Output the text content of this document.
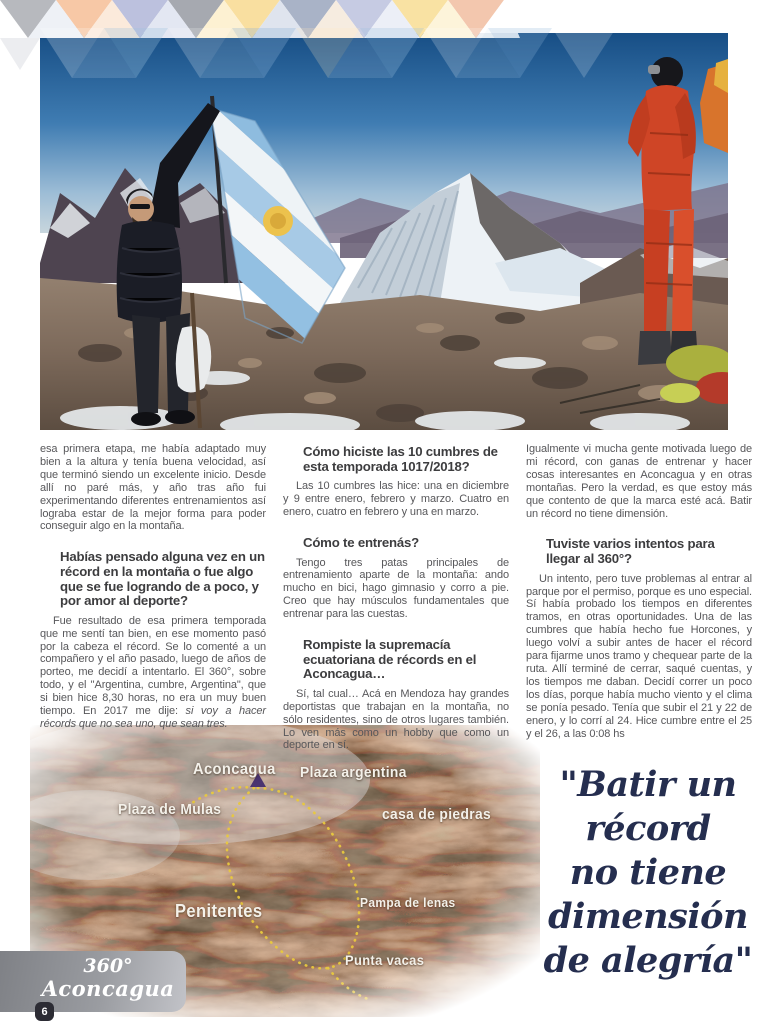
esa primera etapa, me había adaptado muy bien a la altura y tenía buena velocidad, así que terminó siendo un excelente inicio. Desde allí no paré más, y año tras año fui experimentando diferentes entrenamientos así lograba estar de la mejor forma para poder conseguir algo en la montaña.

Habías pensado alguna vez en un récord en la montaña o fue algo que se fue logrando de a poco, y por amor al deporte?

Fue resultado de esa primera temporada que me sentí tan bien, en ese momento pasó por la cabeza el récord. Se lo comenté a un compañero y el año pasado, luego de años de porteo, me decidí a intentarlo. El 360°, sobre todo, y el "Argentina, cumbre, Argentina", que si bien hice 8,30 horas, no era un muy buen tiempo. En 2017 me dije: si voy a hacer récords que no sea uno, que sean tres.

Cómo hiciste las 10 cumbres de esta temporada 1017/2018?

Las 10 cumbres las hice: una en diciembre y 9 entre enero, febrero y marzo. Cuatro en enero, cuatro en febrero y una en marzo.

Cómo te entrenás?

Tengo tres patas principales de entrenamiento aparte de la montaña: ando mucho en bici, hago gimnasio y corro a pie. Creo que hay músculos fundamentales que entrenar para las cuestas.

Rompiste la supremacía ecuatoriana de récords en el Aconcagua…

Sí, tal cual… Acá en Mendoza hay grandes deportistas que trabajan en la montaña, no sólo residentes, sino de otros lugares también. Lo ven más como un hobby que como un deporte en sí.

Igualmente vi mucha gente motivada luego de mi récord, con ganas de entrenar y hacer cosas interesantes en Aconcagua y en otras montañas. Pero la verdad, es que estoy más que contento de que la marca esté acá. Batir un récord no tiene dimensión.

Tuviste varios intentos para llegar al 360°?

Un intento, pero tuve problemas al entrar al parque por el permiso, porque es uno especial. Sí había probado los tiempos en diferentes tramos, en otras oportunidades. Una de las cumbres que había hecho fue Horcones, y luego volví a subir antes de hacer el récord para fijarme unos tramo y chequear parte de la ruta. Allí terminé de cerrar, saqué cuentas, y los tiempos me daban. Decidí correr un poco los días, porque había mucho viento y el clima se ponía pesado. Tenía que subir el 21 y 22 de enero, y lo corrí al 24. Hice cumbre entre el 25 y el 26, a las 0:08 hs

Aconcagua Plaza argentina
Plaza de Mulas	casa de piedras
Penitentes	Pampa de lenas
Punta vacas
"Batir un
récord
no tiene
dimensión
de alegría"
360°
Aconcagua
6
